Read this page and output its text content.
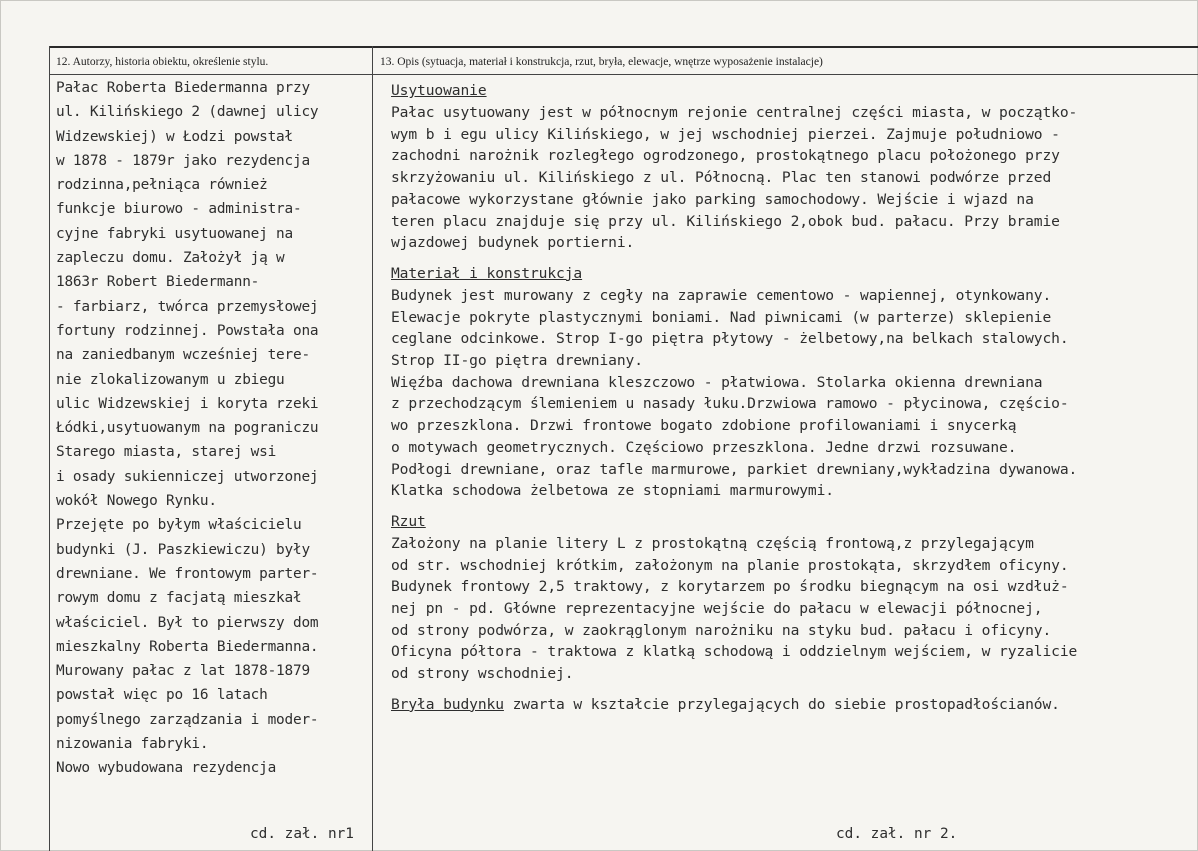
12. Autorzy, historia obiektu, określenie stylu.	13. Opis (sytuacja, materiał i konstrukcja, rzut, bryła, elewacje, wnętrze wyposażenie instalacje)
Pałac Roberta Biedermanna przy
ul. Kilińskiego 2 (dawnej ulicy
Widzewskiej) w Łodzi powstał
w 1878 - 1879r jako rezydencja
rodzinna,pełniąca również
funkcje biurowo - administra-
cyjne fabryki usytuowanej na
zapleczu domu. Założył ją w
1863r Robert Biedermann-
- farbiarz, twórca przemysłowej
fortuny rodzinnej. Powstała ona
na zaniedbanym wcześniej tere-
nie zlokalizowanym u zbiegu
ulic Widzewskiej i koryta rzeki
Łódki,usytuowanym na pograniczu
Starego miasta, starej wsi
i osady sukienniczej utworzonej
wokół Nowego Rynku.
Przejęte po byłym właścicielu
budynki (J. Paszkiewiczu) były
drewniane. We frontowym parter-
rowym domu z facjatą mieszkał
właściciel. Był to pierwszy dom
mieszkalny Roberta Biedermanna.
Murowany pałac z lat 1878-1879
powstał więc po 16 latach
pomyślnego zarządzania i moder-
nizowania fabryki.
Nowo wybudowana rezydencja
Usytuowanie
Pałac usytuowany jest w północnym rejonie centralnej części miasta, w początko-
wym b i egu ulicy Kilińskiego, w jej wschodniej pierzei. Zajmuje południowo -
zachodni narożnik rozległego ogrodzonego, prostokątnego placu położonego przy
skrzyżowaniu ul. Kilińskiego z ul. Północną. Plac ten stanowi podwórze przed
pałacowe wykorzystane głównie jako parking samochodowy. Wejście i wjazd na
teren placu znajduje się przy ul. Kilińskiego 2,obok bud. pałacu. Przy bramie
wjazdowej budynek portierni.
Materiał i konstrukcja
Budynek jest murowany z cegły na zaprawie cementowo - wapiennej, otynkowany.
Elewacje pokryte plastycznymi boniami. Nad piwnicami (w parterze) sklepienie
ceglane odcinkowe. Strop I-go piętra płytowy - żelbetowy,na belkach stalowych.
Strop II-go piętra drewniany.
Więźba dachowa drewniana kleszczowo - płatwiowa. Stolarka okienna drewniana
z przechodzącym ślemieniem u nasady łuku.Drzwiowa ramowo - płycinowa, częścio-
wo przeszklona. Drzwi frontowe bogato zdobione profilowaniami i snycerką
o motywach geometrycznych. Częściowo przeszklona. Jedne drzwi rozsuwane.
Podłogi drewniane, oraz tafle marmurowe, parkiet drewniany,wykładzina dywanowa.
Klatka schodowa żelbetowa ze stopniami marmurowymi.
Rzut
Założony na planie litery L z prostokątną częścią frontową,z przylegającym
od str. wschodniej krótkim, założonym na planie prostokąta, skrzydłem oficyny.
Budynek frontowy 2,5 traktowy, z korytarzem po środku biegnącym na osi wzdłuż-
nej pn - pd. Główne reprezentacyjne wejście do pałacu w elewacji północnej,
od strony podwórza, w zaokrąglonym narożniku na styku bud. pałacu i oficyny.
Oficyna półtora - traktowa z klatką schodową i oddzielnym wejściem, w ryzalicie
od strony wschodniej.
Bryła budynku zwarta w kształcie przylegających do siebie prostopadłościanów.
cd. zał. nr1	cd. zał. nr 2.
